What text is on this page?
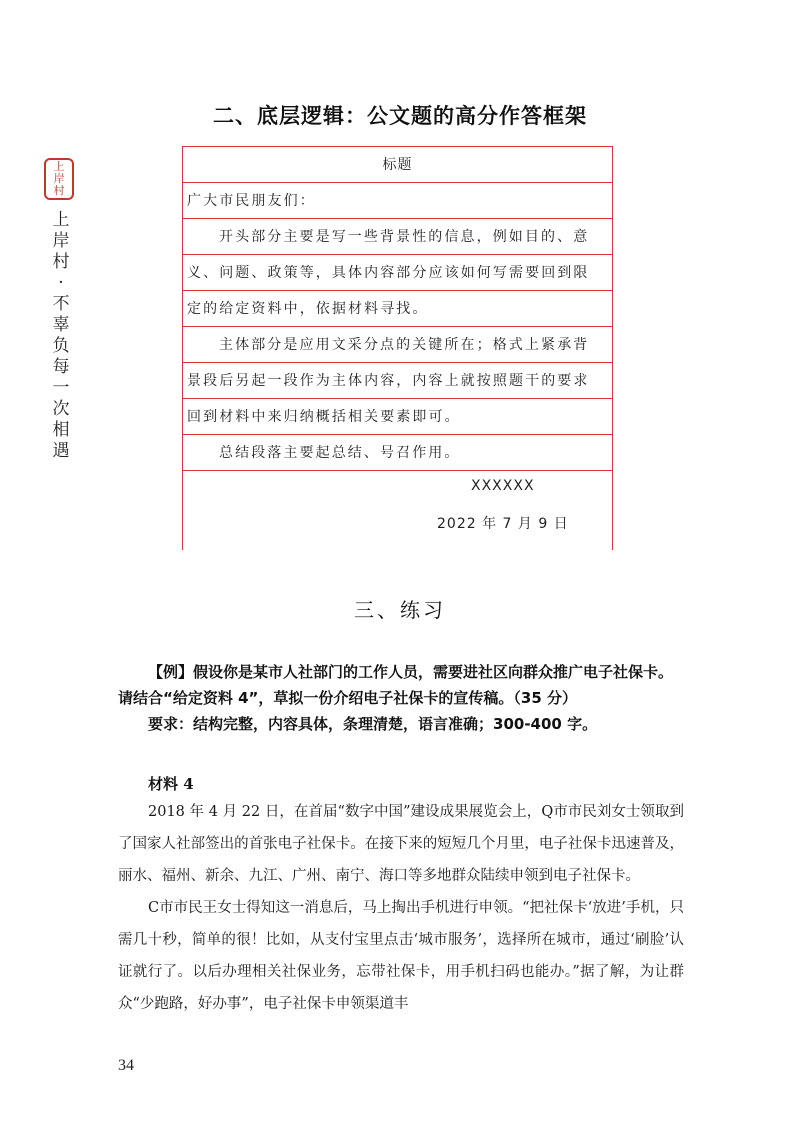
上
岸
村
上
岸
村
·
不
辜
负
每
一
次
相
遇
二、底层逻辑：公文题的高分作答框架
标题
广大市民朋友们：
开头部分主要是写一些背景性的信息，例如目的、意
义、问题、政策等，具体内容部分应该如何写需要回到限
定的给定资料中，依据材料寻找。
主体部分是应用文采分点的关键所在；格式上紧承背
景段后另起一段作为主体内容，内容上就按照题干的要求
回到材料中来归纳概括相关要素即可。
总结段落主要起总结、号召作用。
XXXXXX
2022 年 7 月 9 日
三、练习

【例】假设你是某市人社部门的工作人员，需要进社区向群众推广电子社保卡。请结合“给定资料 4”，草拟一份介绍电子社保卡的宣传稿。（35 分）

要求：结构完整，内容具体，条理清楚，语言准确；300-400 字。

材料 4

2018 年 4 月 22 日，在首届“数字中国”建设成果展览会上，Q市市民刘女士领取到了国家人社部签出的首张电子社保卡。在接下来的短短几个月里，电子社保卡迅速普及，丽水、福州、新余、九江、广州、南宁、海口等多地群众陆续申领到电子社保卡。

C市市民王女士得知这一消息后，马上掏出手机进行申领。“把社保卡‘放进’手机，只需几十秒，简单的很！比如，从支付宝里点击‘城市服务’，选择所在城市，通过‘刷脸’认证就行了。以后办理相关社保业务，忘带社保卡，用手机扫码也能办。”据了解，为让群众“少跑路，好办事”，电子社保卡申领渠道丰

34
